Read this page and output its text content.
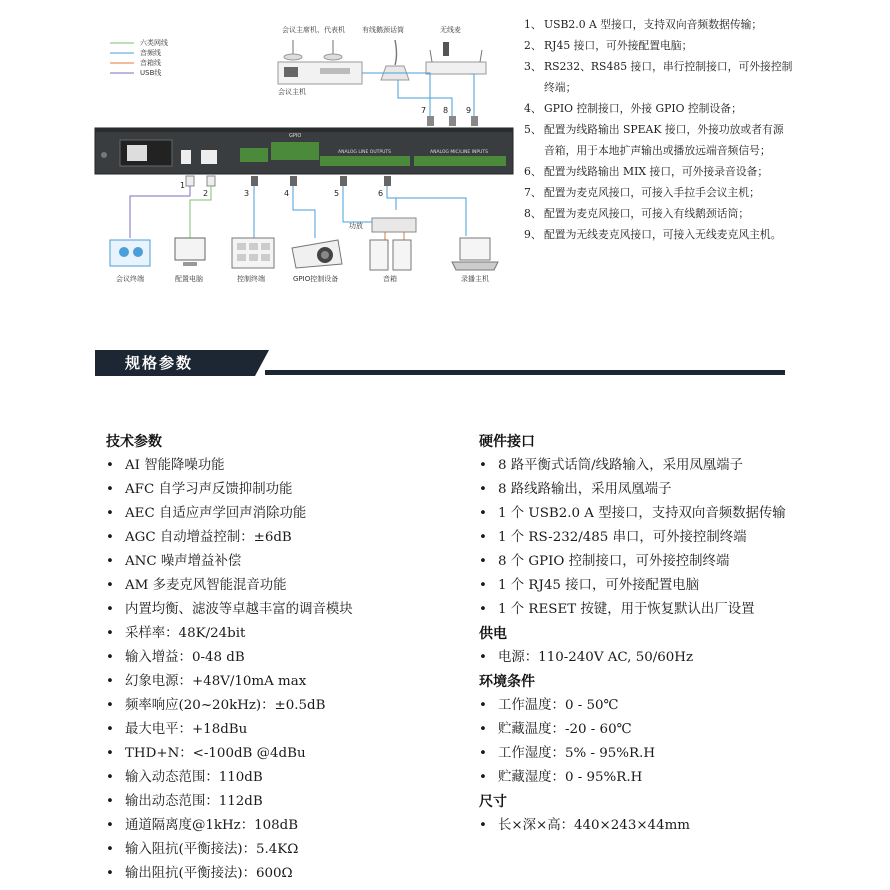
六类网线
音频线
音箱线
USB线
会议主席机、代表机
会议主机
有线鹅颈话筒	无线麦
7 8 9
GPIO
ANALOG LINE OUTPUTS	ANALOG MIC/LINE INPUTS
1
2	3	4	5	6
功放
会议终端	配置电脑	控制终端	GPIO控制设备	音箱	录播主机
1、 USB2.0 A 型接口，支持双向音频数据传输；
2、 RJ45 接口，可外接配置电脑；
3、 RS232、RS485 接口，串行控制接口，可外接控制终端；
4、 GPIO 控制接口，外接 GPIO 控制设备；
5、 配置为线路输出 SPEAK 接口，外接功放或者有源音箱，用于本地扩声输出或播放远端音频信号；
6、 配置为线路输出 MIX 接口，可外接录音设备；
7、 配置为麦克风接口，可接入手拉手会议主机；
8、 配置为麦克风接口，可接入有线鹅颈话筒；
9、 配置为无线麦克风接口，可接入无线麦克风主机。
规格参数
技术参数
• AI 智能降噪功能
• AFC 自学习声反馈抑制功能
• AEC 自适应声学回声消除功能
• AGC 自动增益控制：±6dB
• ANC 噪声增益补偿
• AM 多麦克风智能混音功能
• 内置均衡、滤波等卓越丰富的调音模块
• 采样率：48K/24bit
• 输入增益：0-48 dB
• 幻象电源：+48V/10mA max
• 频率响应(20~20kHz)：±0.5dB
• 最大电平：+18dBu
• THD+N：<-100dB @4dBu
• 输入动态范围：110dB
• 输出动态范围：112dB
• 通道隔离度@1kHz：108dB
• 输入阻抗(平衡接法)：5.4KΩ
• 输出阻抗(平衡接法)：600Ω
硬件接口
• 8 路平衡式话筒/线路输入，采用凤凰端子
• 8 路线路输出，采用凤凰端子
• 1 个 USB2.0 A 型接口，支持双向音频数据传输
• 1 个 RS-232/485 串口，可外接控制终端
• 8 个 GPIO 控制接口，可外接控制终端
• 1 个 RJ45 接口，可外接配置电脑
• 1 个 RESET 按键，用于恢复默认出厂设置
供电
• 电源：110-240V AC, 50/60Hz
环境条件
• 工作温度：0 - 50℃
• 贮藏温度：-20 - 60℃
• 工作湿度：5% - 95%R.H
• 贮藏湿度：0 - 95%R.H
尺寸
• 长×深×高：440×243×44mm
